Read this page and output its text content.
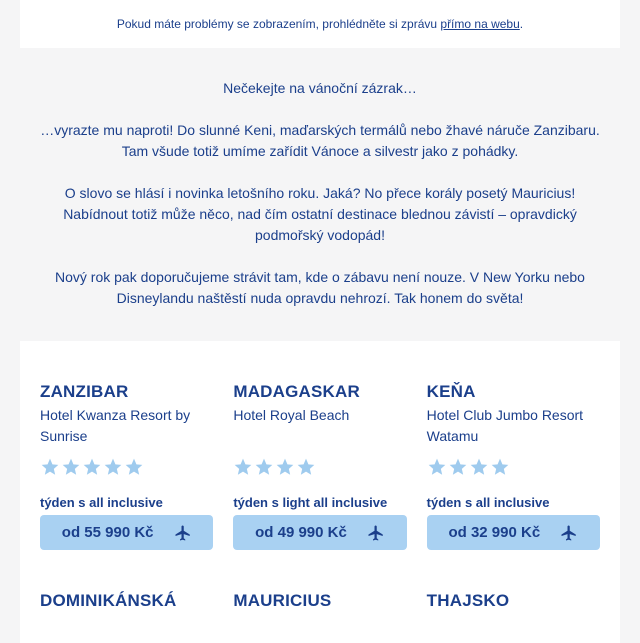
Pokud máte problémy se zobrazením, prohlédněte si zprávu přímo na webu.

Nečekejte na vánoční zázrak…

…vyrazte mu naproti! Do slunné Keni, maďarských termálů nebo žhavé náruče Zanzibaru. Tam všude totiž umíme zařídit Vánoce a silvestr jako z pohádky.

O slovo se hlásí i novinka letošního roku. Jaká? No přece korály posetý Mauricius! Nabídnout totiž může něco, nad čím ostatní destinace blednou závistí – opravdický podmořský vodopád!

Nový rok pak doporučujeme strávit tam, kde o zábavu není nouze. V New Yorku nebo Disneylandu naštěstí nuda opravdu nehrozí. Tak honem do světa!

ZANZIBAR
Hotel Kwanza Resort by Sunrise
týden s all inclusive
od 55 990 Kč
MADAGASKAR
Hotel Royal Beach
týden s light all inclusive
od 49 990 Kč
KEŇA
Hotel Club Jumbo Resort Watamu
týden s all inclusive
od 32 990 Kč
DOMINIKÁNSKÁ	MAURICIUS	THAJSKO
